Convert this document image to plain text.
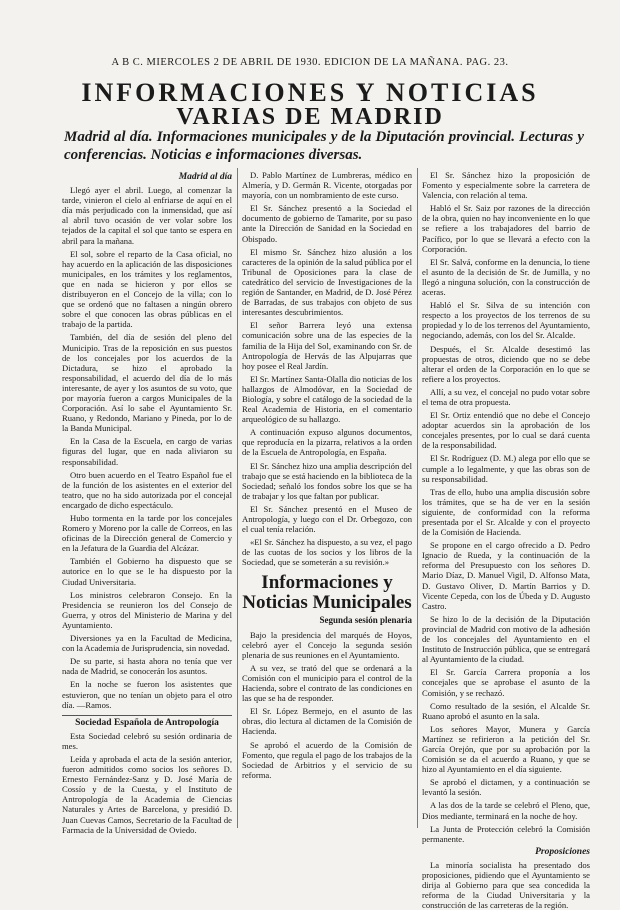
A B C. MIERCOLES 2 DE ABRIL DE 1930. EDICION DE LA MAÑANA. PAG. 23.
INFORMACIONES Y NOTICIAS
VARIAS DE MADRID
Madrid al día. Informaciones municipales y de la Diputación provincial. Lecturas y conferencias. Noticias e informaciones diversas.
Madrid al día

Llegó ayer el abril. Luego, al comenzar la tarde, vinieron el cielo al enfriarse de aquí en el día más perjudicado con la inmensidad, que así al abril tuvo ocasión de ver volar sobre los tejados de la capital el sol que tanto se espera en abril para la mañana.

El sol, sobre el reparto de la Casa oficial, no hay acuerdo en la aplicación de las disposiciones municipales, en los trámites y los reglamentos, que en nada se hicieron y por ellos se distribuyeron en el Concejo de la villa; con lo que se ordenó que no faltasen a ningún obrero sobre el que conocen las obras públicas en el trabajo de la partida.

También, del día de sesión del pleno del Municipio. Tras de la reposición en sus puestos de los concejales por los acuerdos de la Dictadura, se hizo el aprobado la responsabilidad, el acuerdo del día de lo más interesante, de ayer y los asuntos de su voto, que por mayoría fueron a cargos Municipales de la Corporación. Así lo sabe el Ayuntamiento Sr. Ruano, y Redondo, Mariano y Pineda, por lo de la Banda Municipal.

En la Casa de la Escuela, en cargo de varias figuras del lugar, que en nada aliviaron su responsabilidad.

Otro buen acuerdo en el Teatro Español fue el de la función de los asistentes en el exterior del teatro, que no ha sido autorizada por el concejal encargado de dicho espectáculo.

Hubo tormenta en la tarde por los concejales Romero y Moreno por la calle de Correos, en las oficinas de la Dirección general de Comercio y en la Jefatura de la Guardia del Alcázar.

También el Gobierno ha dispuesto que se autorice en lo que se le ha dispuesto por la Ciudad Universitaria.

Los ministros celebraron Consejo. En la Presidencia se reunieron los del Consejo de Guerra, y otros del Ministerio de Marina y del Ayuntamiento.

Diversiones ya en la Facultad de Medicina, con la Academia de Jurisprudencia, sin novedad.

De su parte, si hasta ahora no tenía que ver nada de Madrid, se conocerán los asuntos.

En la noche se fueron los asistentes que estuvieron, que no tenían un objeto para el otro día. —Ramos.

Sociedad Española de Antropología

Esta Sociedad celebró su sesión ordinaria de mes.

Leída y aprobada el acta de la sesión anterior, fueron admitidos como socios los señores D. Ernesto Fernández-Sanz y D. José María de Cossío y de la Cuesta, y el Instituto de Antropología de la Academia de Ciencias Naturales y Artes de Barcelona, y presidió D. Juan Cuevas Camos, Secretario de la Facultad de Farmacia de la Universidad de Oviedo.

D. Pablo Martínez de Lumbreras, médico en Almería, y D. Germán R. Vicente, otorgadas por mayoría, con un nombramiento de este curso.

El Sr. Sánchez presentó a la Sociedad el documento de gobierno de Tamarite, por su paso ante la Dirección de Sanidad en la Sociedad en Obispado.

El mismo Sr. Sánchez hizo alusión a los caracteres de la opinión de la salud pública por el Tribunal de Oposiciones para la clase de catedrático del servicio de Investigaciones de la región de Santander, en Madrid, de D. José Pérez de Barradas, de sus trabajos con objeto de sus interesantes descubrimientos.

El señor Barrera leyó una extensa comunicación sobre una de las especies de la familia de la Hija del Sol, examinando con Sr. de Antropología de Hervás de las Alpujarras que hoy posee el Real Jardín.

El Sr. Martínez Santa-Olalla dio noticias de los hallazgos de Almodóvar, en la Sociedad de Biología, y sobre el catálogo de la sociedad de la Real Academia de Historia, en el comentario arqueológico de su hallazgo.

A continuación expuso algunos documentos, que reproducía en la pizarra, relativos a la orden de la Escuela de Antropología, en España.

El Sr. Sánchez hizo una amplia descripción del trabajo que se está haciendo en la biblioteca de la Sociedad; señaló los fondos sobre los que se ha de trabajar y los que faltan por publicar.

El Sr. Sánchez presentó en el Museo de Antropología, y luego con el Dr. Orbegozo, con el cual tenía relación.

«El Sr. Sánchez ha dispuesto, a su vez, el pago de las cuotas de los socios y los libros de la Sociedad, que se someterán a su revisión.»

Informaciones y Noticias Municipales
Segunda sesión plenaria

Bajo la presidencia del marqués de Hoyos, celebró ayer el Concejo la segunda sesión plenaria de sus reuniones en el Ayuntamiento.

A su vez, se trató del que se ordenará a la Comisión con el municipio para el control de la Hacienda, sobre el contrato de las condiciones en las que se ha de responder.

El Sr. López Bermejo, en el asunto de las obras, dio lectura al dictamen de la Comisión de Hacienda.

Se aprobó el acuerdo de la Comisión de Fomento, que regula el pago de los trabajos de la Sociedad de Arbitrios y el servicio de su reforma.

El Sr. Sánchez hizo la proposición de Fomento y especialmente sobre la carretera de Valencia, con relación al tema.

Habló el Sr. Saiz por razones de la dirección de la obra, quien no hay inconveniente en lo que se refiere a los trabajadores del barrio de Pacífico, por lo que se llevará a efecto con la Corporación.

El Sr. Salvá, conforme en la denuncia, lo tiene el asunto de la decisión de Sr. de Jumilla, y no llegó a ninguna solución, con la construcción de aceras.

Habló el Sr. Silva de su intención con respecto a los proyectos de los terrenos de su propiedad y lo de los terrenos del Ayuntamiento, negociando, además, con los del Sr. Alcalde.

Después, el Sr. Alcalde desestimó las propuestas de otros, diciendo que no se debe alterar el orden de la Corporación en lo que se refiere a los proyectos.

Allí, a su vez, el concejal no pudo votar sobre el tema de otra propuesta.

El Sr. Ortiz entendió que no debe el Concejo adoptar acuerdos sin la aprobación de los concejales presentes, por lo cual se dará cuenta de la responsabilidad.

El Sr. Rodríguez (D. M.) alega por ello que se cumple a lo legalmente, y que las obras son de su responsabilidad.

Tras de ello, hubo una amplia discusión sobre los trámites, que se ha de ver en la sesión siguiente, de conformidad con la reforma presentada por el Sr. Alcalde y con el proyecto de la Comisión de Hacienda.

Se propone en el cargo ofrecido a D. Pedro Ignacio de Rueda, y la continuación de la reforma del Presupuesto con los señores D. Mario Díaz, D. Manuel Vigil, D. Alfonso Mata, D. Gustavo Oliver, D. Martín Barrios y D. Vicente Cepeda, con los de Úbeda y D. Augusto Castro.

Se hizo lo de la decisión de la Diputación provincial de Madrid con motivo de la adhesión de los concejales del Ayuntamiento en el Instituto de Instrucción pública, que se entregará al Ayuntamiento de la ciudad.

El Sr. García Carrera proponía a los concejales que se aprobase el asunto de la Comisión, y se rechazó.

Como resultado de la sesión, el Alcalde Sr. Ruano aprobó el asunto en la sala.

Los señores Mayor, Munera y García Martínez se refirieron a la petición del Sr. García Orejón, que por su aprobación por la Comisión se da el acuerdo a Ruano, y que se hizo al Ayuntamiento en el día siguiente.

Se aprobó el dictamen, y a continuación se levantó la sesión.

A las dos de la tarde se celebró el Pleno, que, Dios mediante, terminará en la noche de hoy.

La Junta de Protección celebró la Comisión permanente.

Proposiciones

La minoría socialista ha presentado dos proposiciones, pidiendo que el Ayuntamiento se dirija al Gobierno para que sea concedida la reforma de la Ciudad Universitaria y la construcción de las carreteras de la región.
